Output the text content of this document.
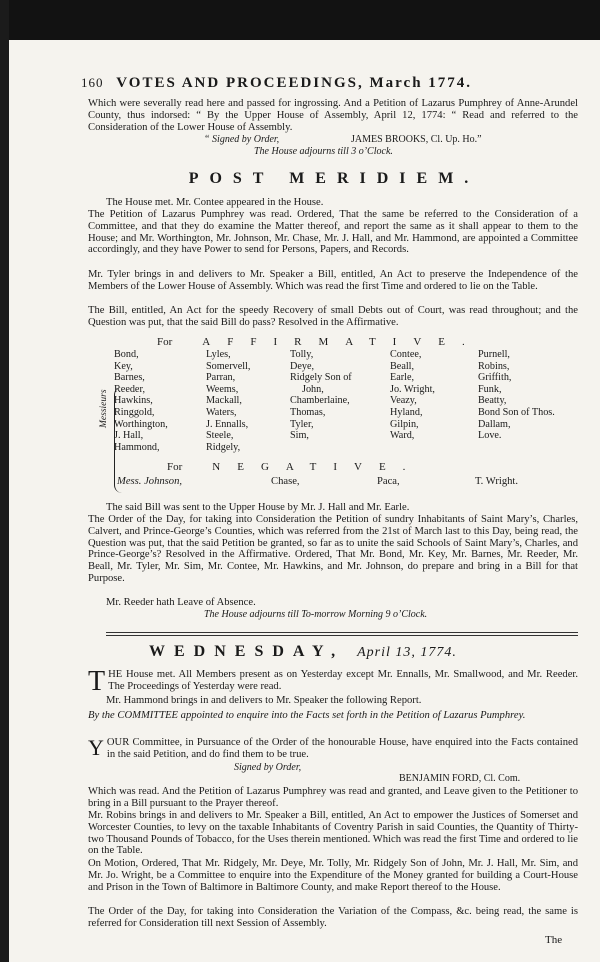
160 VOTES AND PROCEEDINGS, March 1774.

Which were severally read here and passed for ingrossing. And a Petition of Lazarus Pumphrey of Anne-Arundel County, thus indorsed: “ By the Upper House of Assembly, April 12, 1774: “ Read and referred to the Consideration of the Lower House of Assembly.

“ Signed by Order,	JAMES BROOKS, Cl. Up. Ho.”
The House adjourns till 3 o’Clock.
POST MERIDIEM.

The House met. Mr. Contee appeared in the House.

The Petition of Lazarus Pumphrey was read. Ordered, That the same be referred to the Consideration of a Committee, and that they do examine the Matter thereof, and report the same as it shall appear to them to the House; and Mr. Worthington, Mr. Johnson, Mr. Chase, Mr. J. Hall, and Mr. Hammond, are appointed a Committee accordingly, and they have Power to send for Persons, Papers, and Records.

Mr. Tyler brings in and delivers to Mr. Speaker a Bill, entitled, An Act to preserve the Independence of the Members of the Lower House of Assembly. Which was read the first Time and ordered to lie on the Table.

The Bill, entitled, An Act for the speedy Recovery of small Debts out of Court, was read throughout; and the Question was put, that the said Bill do pass? Resolved in the Affirmative.

For	AFFIRMATIVE.
Messieurs
Bond,	Lyles,	Tolly,	Contee,	Purnell,
Key,	Somervell,	Deye,	Beall,	Robins,
Barnes,	Parran,	Ridgely Son of	Earle,	Griffith,
Reeder,	Weems,	John,	Jo. Wright,	Funk,
Hawkins,	Mackall,	Chamberlaine,	Veazy,	Beatty,
Ringgold,	Waters,	Thomas,	Hyland,	Bond Son of Thos.
Worthington,	J. Ennalls,	Tyler,	Gilpin,	Dallam,
J. Hall,	Steele,	Sim,	Ward,	Love.
Hammond,	Ridgely,			
For	NEGATIVE.
Mess. Johnson,	Chase,	Paca,	T. Wright.

The said Bill was sent to the Upper House by Mr. J. Hall and Mr. Earle.

The Order of the Day, for taking into Consideration the Petition of sundry Inhabitants of Saint Mary’s, Charles, Calvert, and Prince-George’s Counties, which was referred from the 21st of March last to this Day, being read, the Question was put, that the said Petition be granted, so far as to unite the said Schools of Saint Mary’s, Charles, and Prince-George’s? Resolved in the Affirmative. Ordered, That Mr. Bond, Mr. Key, Mr. Barnes, Mr. Reeder, Mr. Beall, Mr. Tyler, Mr. Sim, Mr. Contee, Mr. Hawkins, and Mr. Johnson, do prepare and bring in a Bill for that Purpose.

Mr. Reeder hath Leave of Absence.

The House adjourns till To-morrow Morning 9 o’Clock.
WEDNESDAY, April 13, 1774.
THE House met. All Members present as on Yesterday except Mr. Ennalls, Mr. Smallwood, and Mr. Reeder. The Proceedings of Yesterday were read.

Mr. Hammond brings in and delivers to Mr. Speaker the following Report.

By the COMMITTEE appointed to enquire into the Facts set forth in the Petition of Lazarus Pumphrey.

YOUR Committee, in Pursuance of the Order of the honourable House, have enquired into the Facts contained in the said Petition, and do find them to be true.
Signed by Order,
BENJAMIN FORD, Cl. Com.

Which was read. And the Petition of Lazarus Pumphrey was read and granted, and Leave given to the Petitioner to bring in a Bill pursuant to the Prayer thereof.

Mr. Robins brings in and delivers to Mr. Speaker a Bill, entitled, An Act to empower the Justices of Somerset and Worcester Counties, to levy on the taxable Inhabitants of Coventry Parish in said Counties, the Quantity of Thirty-two Thousand Pounds of Tobacco, for the Uses therein mentioned. Which was read the first Time and ordered to lie on the Table.

On Motion, Ordered, That Mr. Ridgely, Mr. Deye, Mr. Tolly, Mr. Ridgely Son of John, Mr. J. Hall, Mr. Sim, and Mr. Jo. Wright, be a Committee to enquire into the Expenditure of the Money granted for building a Court-House and Prison in the Town of Baltimore in Baltimore County, and make Report thereof to the House.

The Order of the Day, for taking into Consideration the Variation of the Compass, &c. being read, the same is referred for Consideration till next Session of Assembly.

The
